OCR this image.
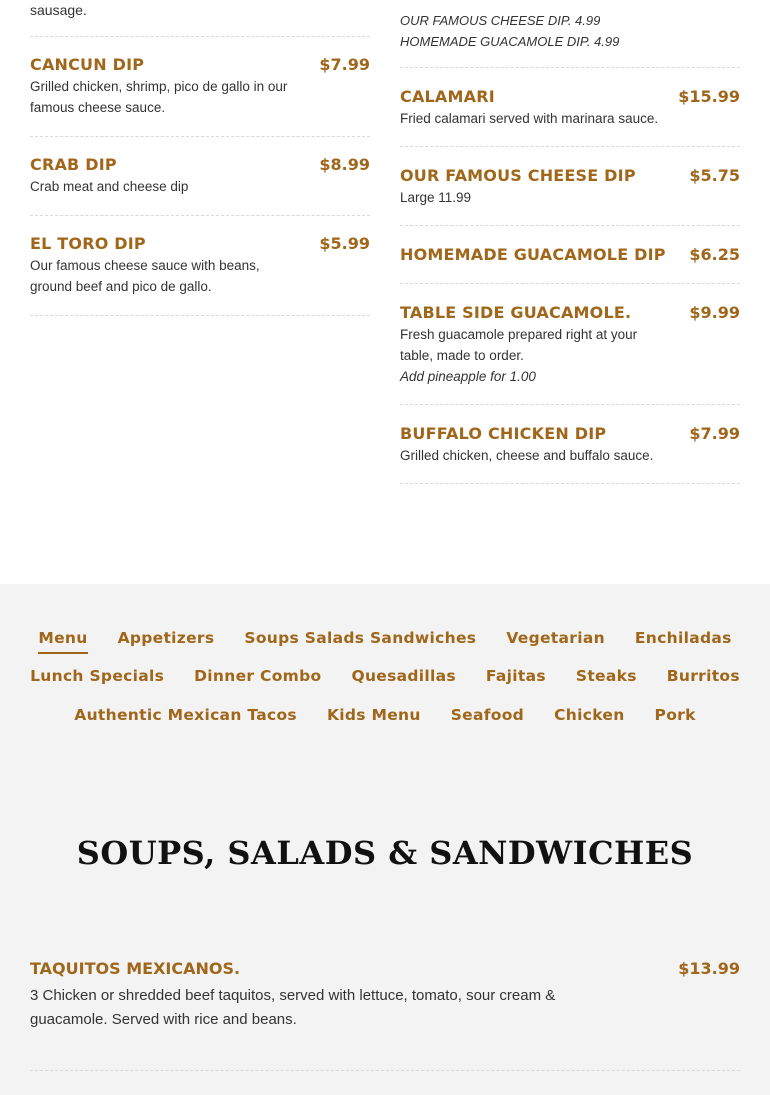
sausage.
CANCUN DIP	$7.99
Grilled chicken, shrimp, pico de gallo in our famous cheese sauce.
CRAB DIP	$8.99
Crab meat and cheese dip
EL TORO DIP	$5.99
Our famous cheese sauce with beans, ground beef and pico de gallo.
OUR FAMOUS CHEESE DIP. 4.99
HOMEMADE GUACAMOLE DIP. 4.99
CALAMARI	$15.99
Fried calamari served with marinara sauce.
OUR FAMOUS CHEESE DIP	$5.75
Large 11.99
HOMEMADE GUACAMOLE DIP	$6.25
TABLE SIDE GUACAMOLE.	$9.99
Fresh guacamole prepared right at your table, made to order.
Add pineapple for 1.00
BUFFALO CHICKEN DIP	$7.99
Grilled chicken, cheese and buffalo sauce.
Menu Appetizers Soups Salads Sandwiches Vegetarian Enchiladas
Lunch Specials Dinner Combo Quesadillas Fajitas Steaks Burritos
Authentic Mexican Tacos Kids Menu Seafood Chicken Pork
SOUPS, SALADS & SANDWICHES
TAQUITOS MEXICANOS.	$13.99
3 Chicken or shredded beef taquitos, served with lettuce, tomato, sour cream & guacamole. Served with rice and beans.
